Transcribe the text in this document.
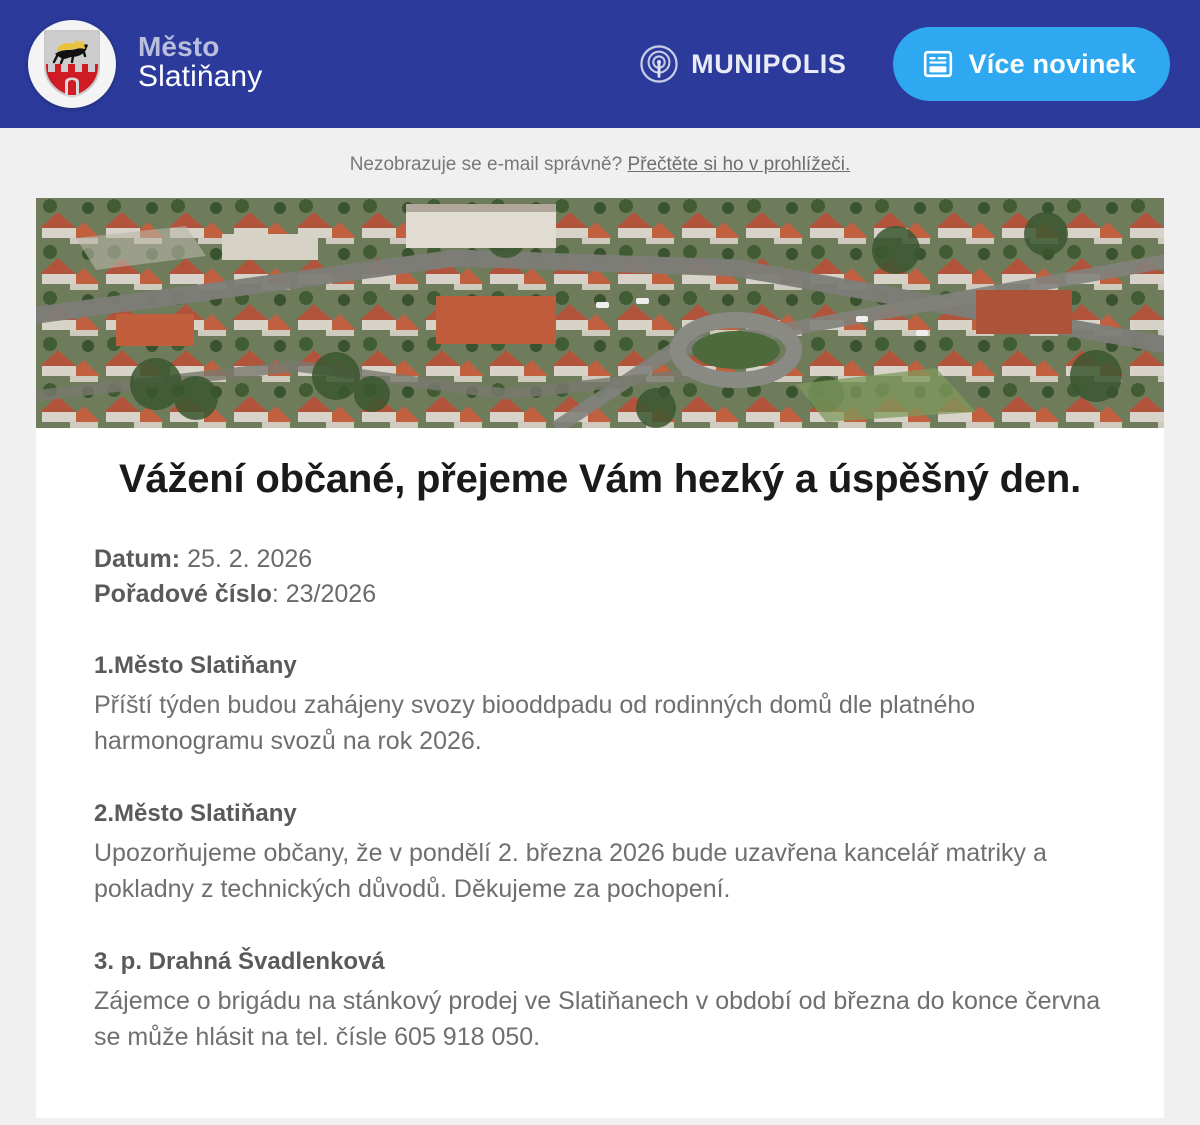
Město
Slatiňany	MUNIPOLIS	Více novinek
Nezobrazuje se e-mail správně? Přečtěte si ho v prohlížeči.
Vážení občané, přejeme Vám hezký a úspěšný den.
Datum: 25. 2. 2026
Pořadové číslo: 23/2026

1.Město Slatiňany

Příští týden budou zahájeny svozy biooddpadu od rodinných domů dle platného harmonogramu svozů na rok 2026.

2.Město Slatiňany

Upozorňujeme občany, že v pondělí 2. března 2026 bude uzavřena kancelář matriky a pokladny z technických důvodů. Děkujeme za pochopení.

3. p. Drahná Švadlenková

Zájemce o brigádu na stánkový prodej ve Slatiňanech v období od března do konce června se může hlásit na tel. čísle 605 918 050.
